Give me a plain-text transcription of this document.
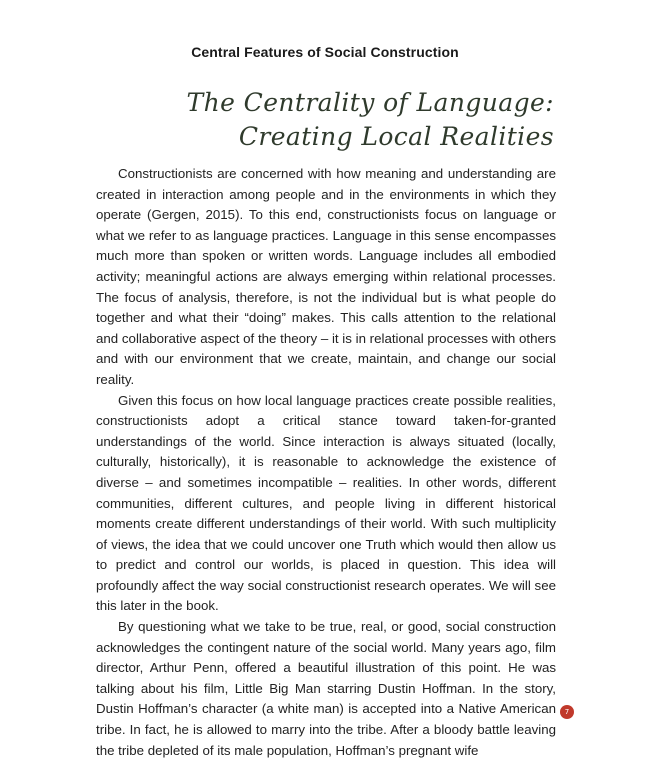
Central Features of Social Construction
The Centrality of Language: Creating Local Realities

Constructionists are concerned with how meaning and understanding are created in interaction among people and in the environments in which they operate (Gergen, 2015). To this end, constructionists focus on language or what we refer to as language practices. Language in this sense encompasses much more than spoken or written words. Language includes all embodied activity; meaningful actions are always emerging within relational processes. The focus of analysis, therefore, is not the individual but is what people do together and what their “doing” makes. This calls attention to the relational and collaborative aspect of the theory – it is in relational processes with others and with our environment that we create, maintain, and change our social reality.

Given this focus on how local language practices create possible realities, constructionists adopt a critical stance toward taken-for-granted understandings of the world. Since interaction is always situated (locally, culturally, historically), it is reasonable to acknowledge the existence of diverse – and sometimes incompatible – realities. In other words, different communities, different cultures, and people living in different historical moments create different understandings of their world. With such multiplicity of views, the idea that we could uncover one Truth which would then allow us to predict and control our worlds, is placed in question. This idea will profoundly affect the way social constructionist research operates. We will see this later in the book.

By questioning what we take to be true, real, or good, social construction acknowledges the contingent nature of the social world. Many years ago, film director, Arthur Penn, offered a beautiful illustration of this point. He was talking about his film, Little Big Man starring Dustin Hoffman. In the story, Dustin Hoffman’s character (a white man) is accepted into a Native American tribe. In fact, he is allowed to marry into the tribe. After a bloody battle leaving the tribe depleted of its male population, Hoffman’s pregnant wife

7
